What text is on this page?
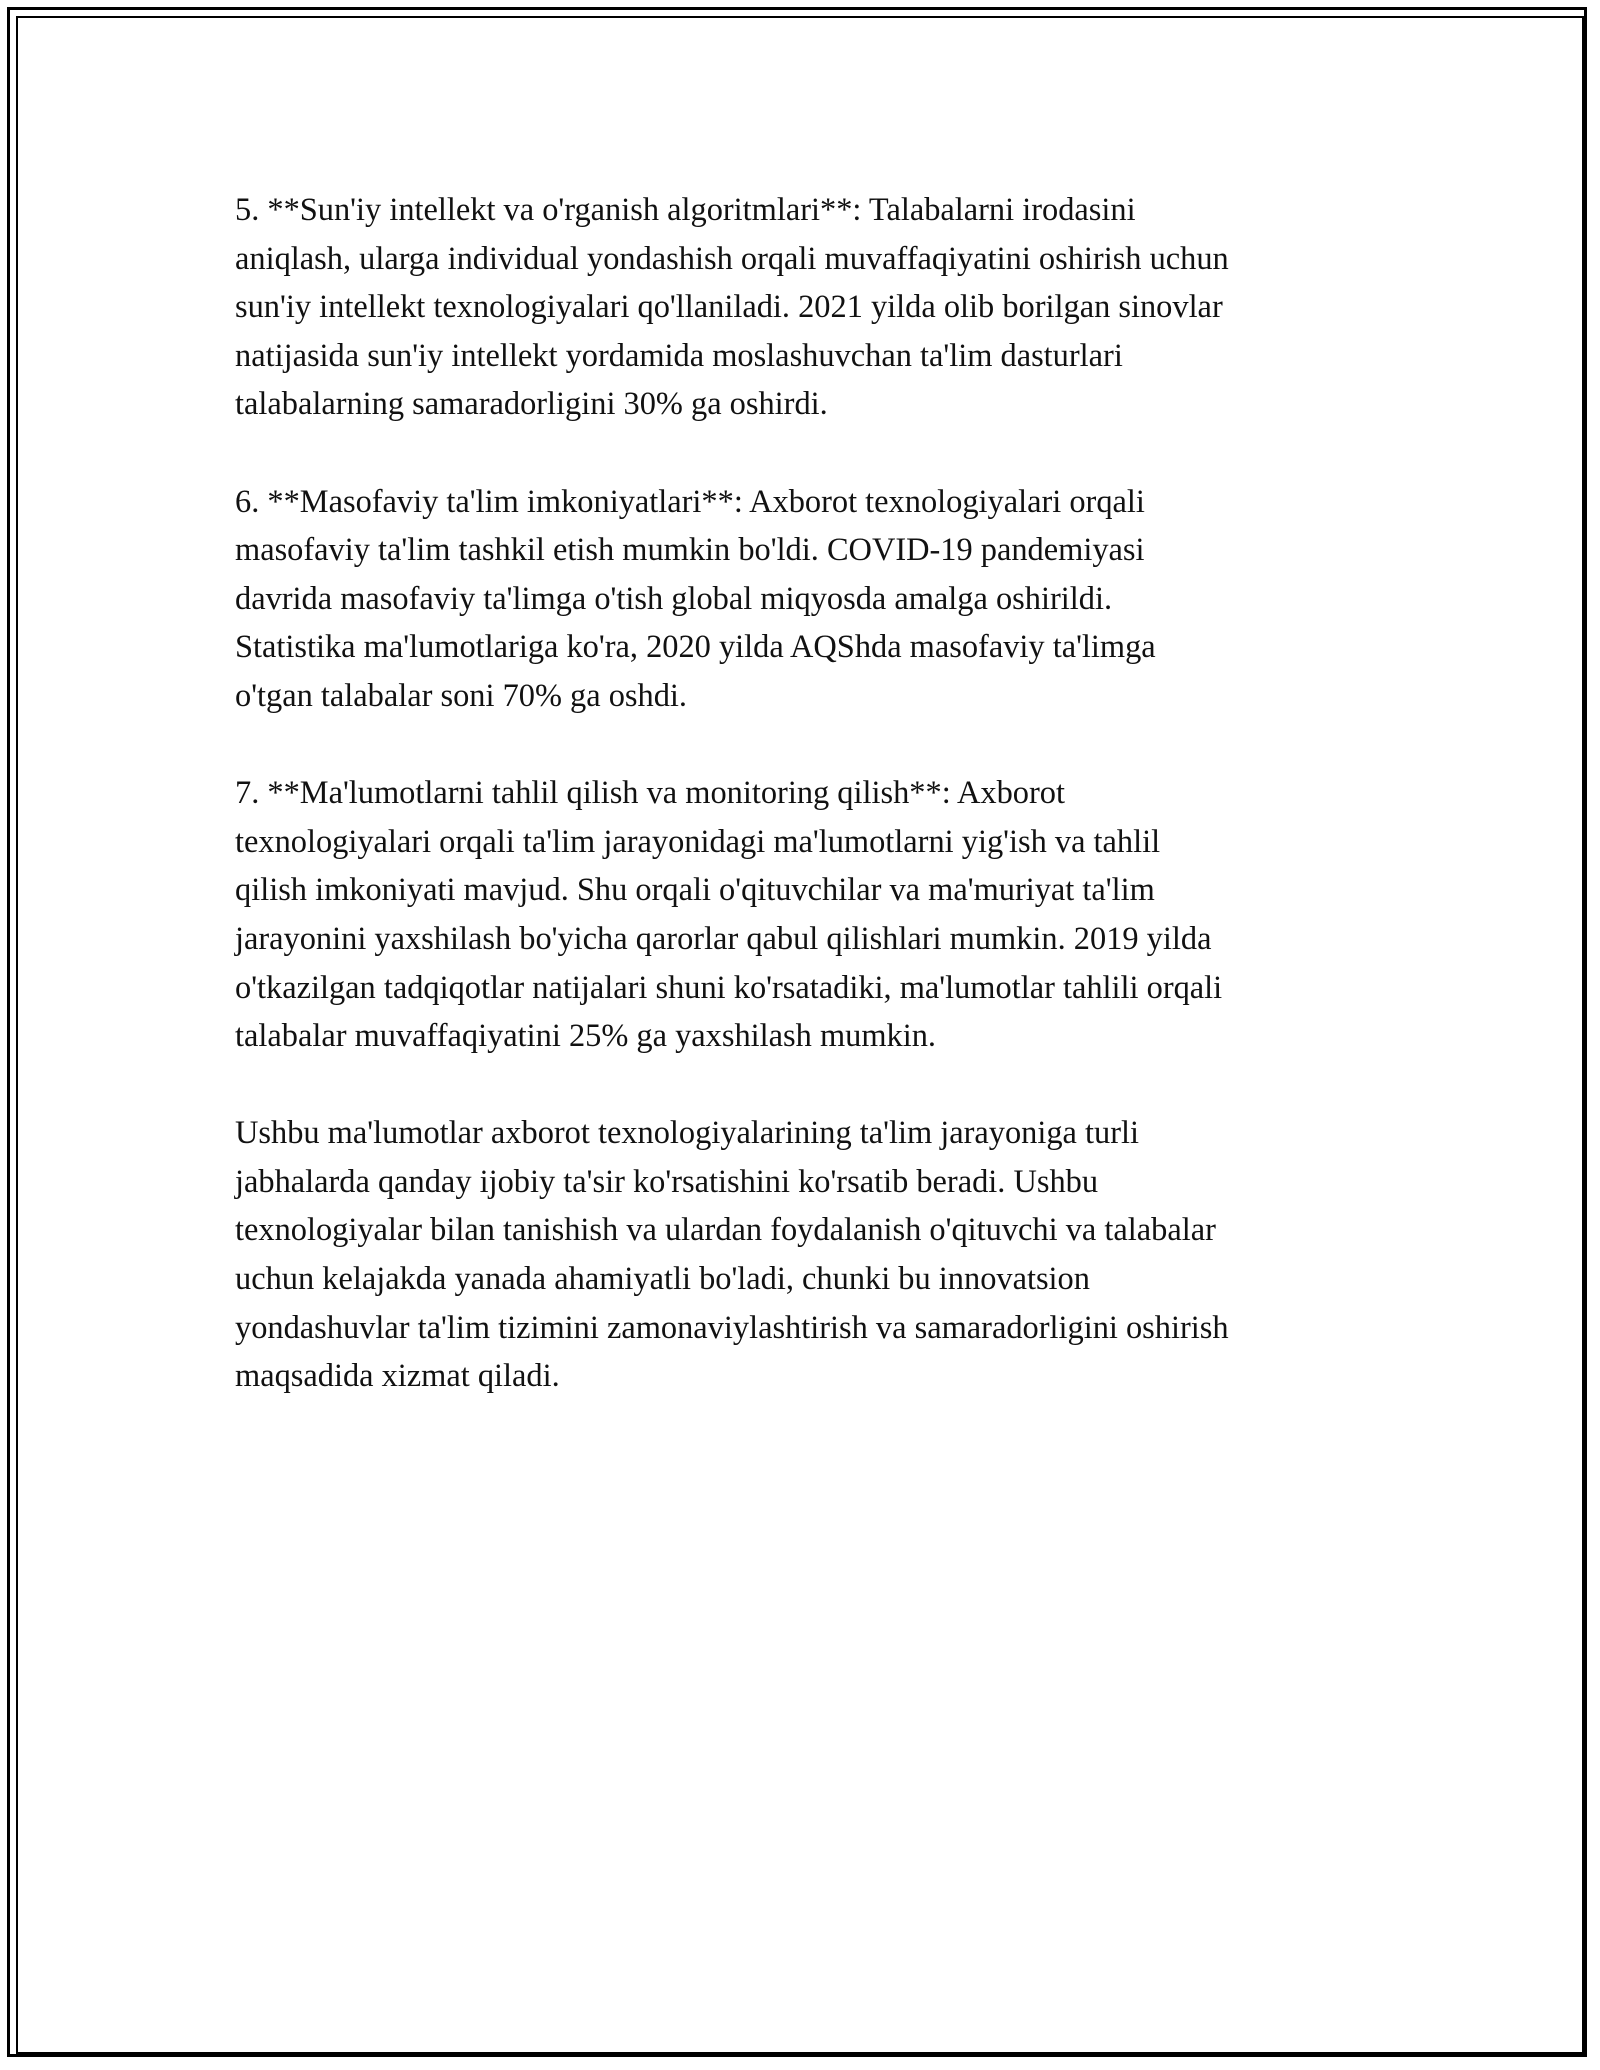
5. **Sun'iy intellekt va o'rganish algoritmlari**: Talabalarni irodasini
aniqlash, ularga individual yondashish orqali muvaffaqiyatini oshirish uchun
sun'iy intellekt texnologiyalari qo'llaniladi. 2021 yilda olib borilgan sinovlar
natijasida sun'iy intellekt yordamida moslashuvchan ta'lim dasturlari
talabalarning samaradorligini 30% ga oshirdi.

6. **Masofaviy ta'lim imkoniyatlari**: Axborot texnologiyalari orqali
masofaviy ta'lim tashkil etish mumkin bo'ldi. COVID-19 pandemiyasi
davrida masofaviy ta'limga o'tish global miqyosda amalga oshirildi.
Statistika ma'lumotlariga ko'ra, 2020 yilda AQShda masofaviy ta'limga
o'tgan talabalar soni 70% ga oshdi.

7. **Ma'lumotlarni tahlil qilish va monitoring qilish**: Axborot
texnologiyalari orqali ta'lim jarayonidagi ma'lumotlarni yig'ish va tahlil
qilish imkoniyati mavjud. Shu orqali o'qituvchilar va ma'muriyat ta'lim
jarayonini yaxshilash bo'yicha qarorlar qabul qilishlari mumkin. 2019 yilda
o'tkazilgan tadqiqotlar natijalari shuni ko'rsatadiki, ma'lumotlar tahlili orqali
talabalar muvaffaqiyatini 25% ga yaxshilash mumkin.

Ushbu ma'lumotlar axborot texnologiyalarining ta'lim jarayoniga turli
jabhalarda qanday ijobiy ta'sir ko'rsatishini ko'rsatib beradi. Ushbu
texnologiyalar bilan tanishish va ulardan foydalanish o'qituvchi va talabalar
uchun kelajakda yanada ahamiyatli bo'ladi, chunki bu innovatsion
yondashuvlar ta'lim tizimini zamonaviylashtirish va samaradorligini oshirish
maqsadida xizmat qiladi.
